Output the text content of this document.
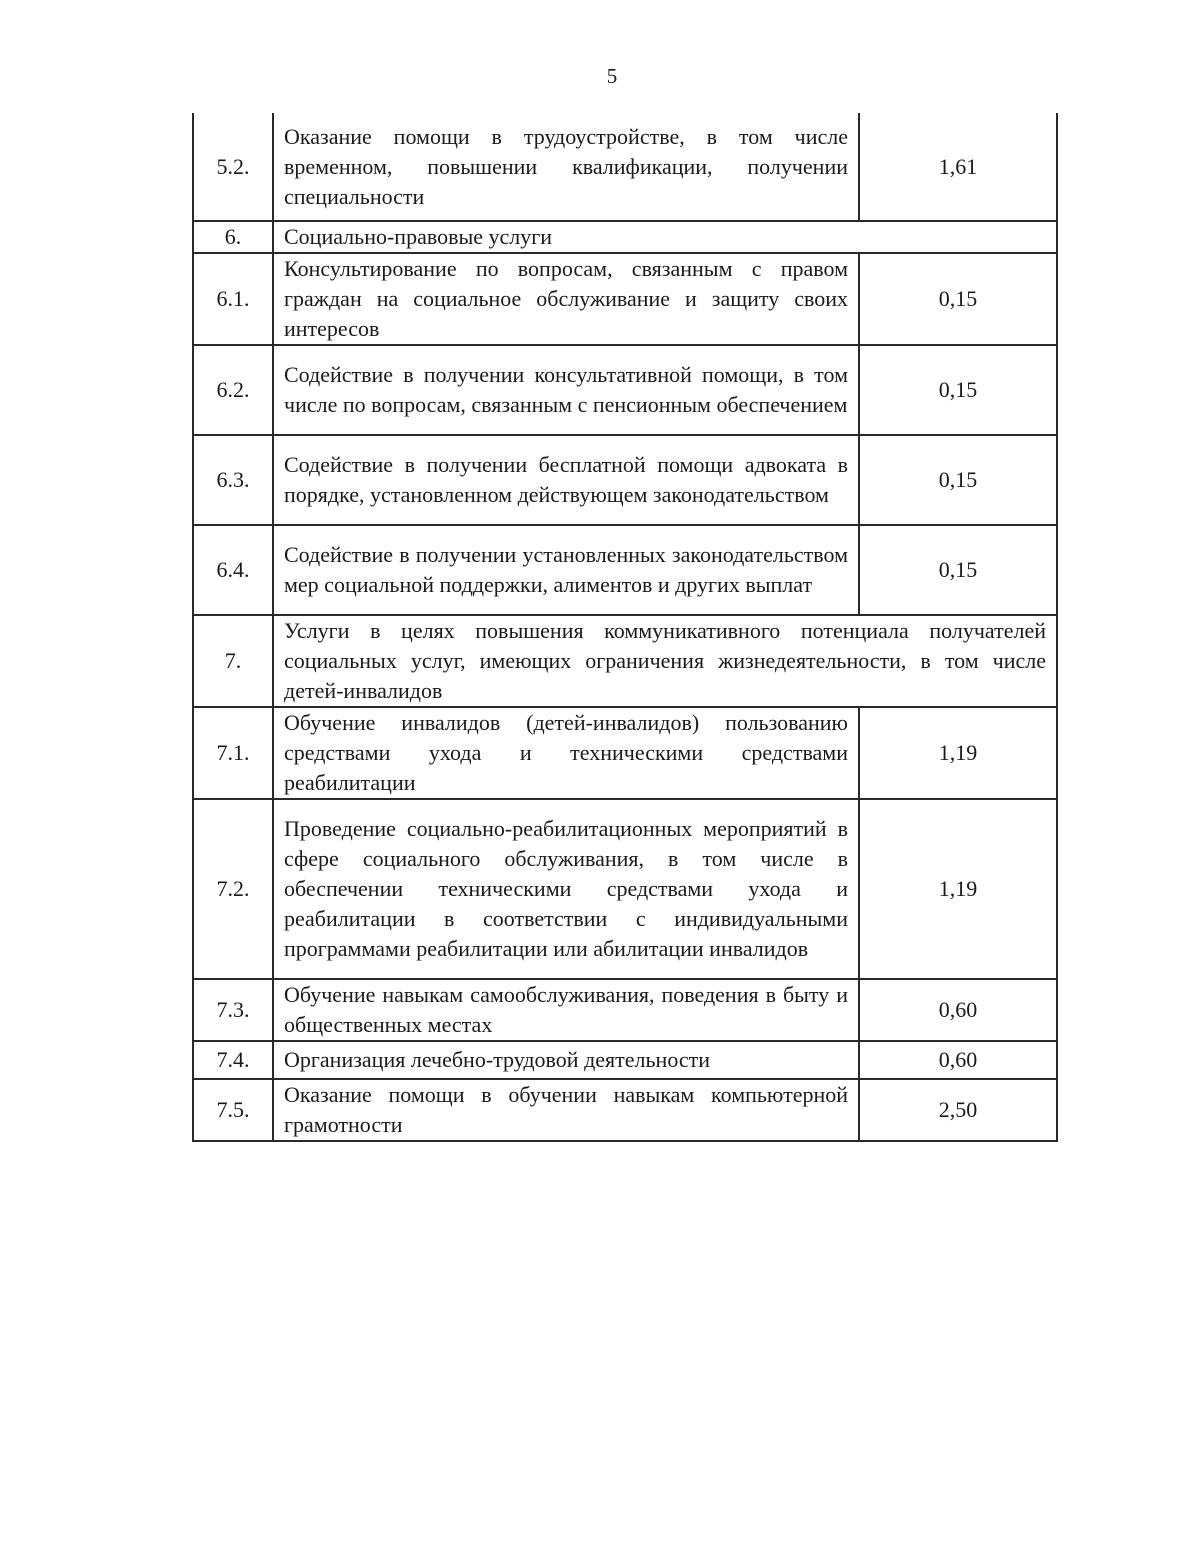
5
5.2.	Оказание помощи в трудоустройстве, в том числе временном, повышении квалификации, получении специальности	1,61
6.	Социально-правовые услуги	
6.1.	Консультирование по вопросам, связанным с правом граждан на социальное обслуживание и защиту своих интересов	0,15
6.2.	Содействие в получении консультативной помощи, в том числе по вопросам, связанным с пенсионным обеспечением	0,15
6.3.	Содействие в получении бесплатной помощи адвоката в порядке, установленном действующем законодательством	0,15
6.4.	Содействие в получении установленных законодательством мер социальной поддержки, алиментов и других выплат	0,15
7.	Услуги в целях повышения коммуникативного потенциала получателей социальных услуг, имеющих ограничения жизнедеятельности, в том числе детей-инвалидов	
7.1.	Обучение инвалидов (детей-инвалидов) пользованию средствами ухода и техническими средствами реабилитации	1,19
7.2.	Проведение социально-реабилитационных мероприятий в сфере социального обслуживания, в том числе в обеспечении техническими средствами ухода и реабилитации в соответствии с индивидуальными программами реабилитации или абилитации инвалидов	1,19
7.3.	Обучение навыкам самообслуживания, поведения в быту и общественных местах	0,60
7.4.	Организация лечебно-трудовой деятельности	0,60
7.5.	Оказание помощи в обучении навыкам компьютерной грамотности	2,50
